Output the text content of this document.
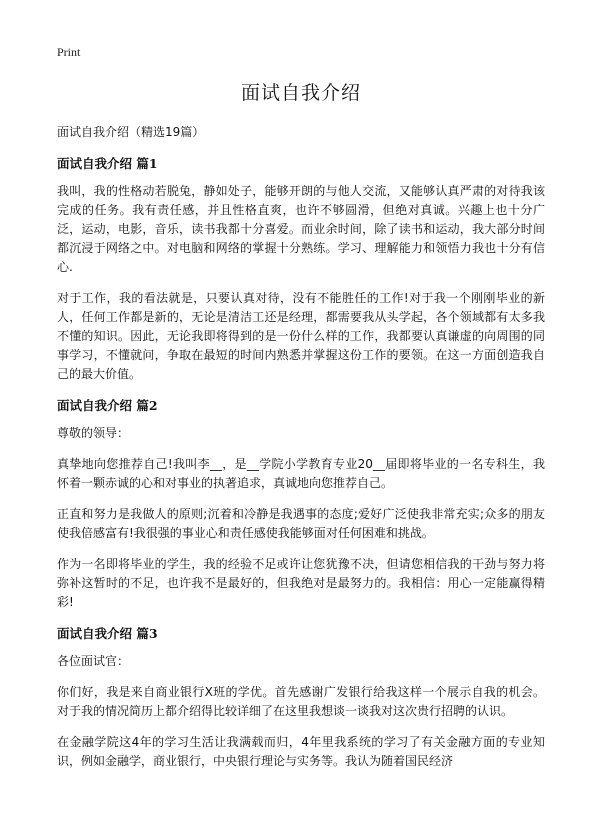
Print
面试自我介绍
面试自我介绍（精选19篇）
面试自我介绍 篇1

我叫，我的性格动若脱兔，静如处子，能够开朗的与他人交流，又能够认真严肃的对待我该完成的任务。我有责任感，并且性格直爽，也许不够圆滑，但绝对真诚。兴趣上也十分广泛，运动，电影，音乐，读书我都十分喜爱。而业余时间，除了读书和运动，我大部分时间都沉浸于网络之中。对电脑和网络的掌握十分熟练。学习、理解能力和领悟力我也十分有信心.

对于工作，我的看法就是，只要认真对待，没有不能胜任的工作!对于我一个刚刚毕业的新人，任何工作都是新的，无论是清洁工还是经理，都需要我从头学起，各个领域都有太多我不懂的知识。因此，无论我即将得到的是一份什么样的工作，我都要认真谦虚的向周围的同事学习，不懂就问，争取在最短的时间内熟悉并掌握这份工作的要领。在这一方面创造我自己的最大价值。

面试自我介绍 篇2

尊敬的领导：

真挚地向您推荐自己!我叫李__，是__学院小学教育专业20__届即将毕业的一名专科生，我怀着一颗赤诚的心和对事业的执著追求，真诚地向您推荐自己。

正直和努力是我做人的原则;沉着和冷静是我遇事的态度;爱好广泛使我非常充实;众多的朋友使我倍感富有!我很强的事业心和责任感使我能够面对任何困难和挑战。

作为一名即将毕业的学生，我的经验不足或许让您犹豫不决，但请您相信我的干劲与努力将弥补这暂时的不足，也许我不是最好的，但我绝对是最努力的。我相信：用心一定能赢得精彩!

面试自我介绍 篇3

各位面试官：

你们好，我是来自商业银行X班的学优。首先感谢广发银行给我这样一个展示自我的机会。 对于我的情况简历上都介绍得比较详细了在这里我想谈一谈我对这次贵行招聘的认识。

在金融学院这4年的学习生活让我满载而归，4年里我系统的学习了有关金融方面的专业知识，例如金融学，商业银行，中央银行理论与实务等。我认为随着国民经济
